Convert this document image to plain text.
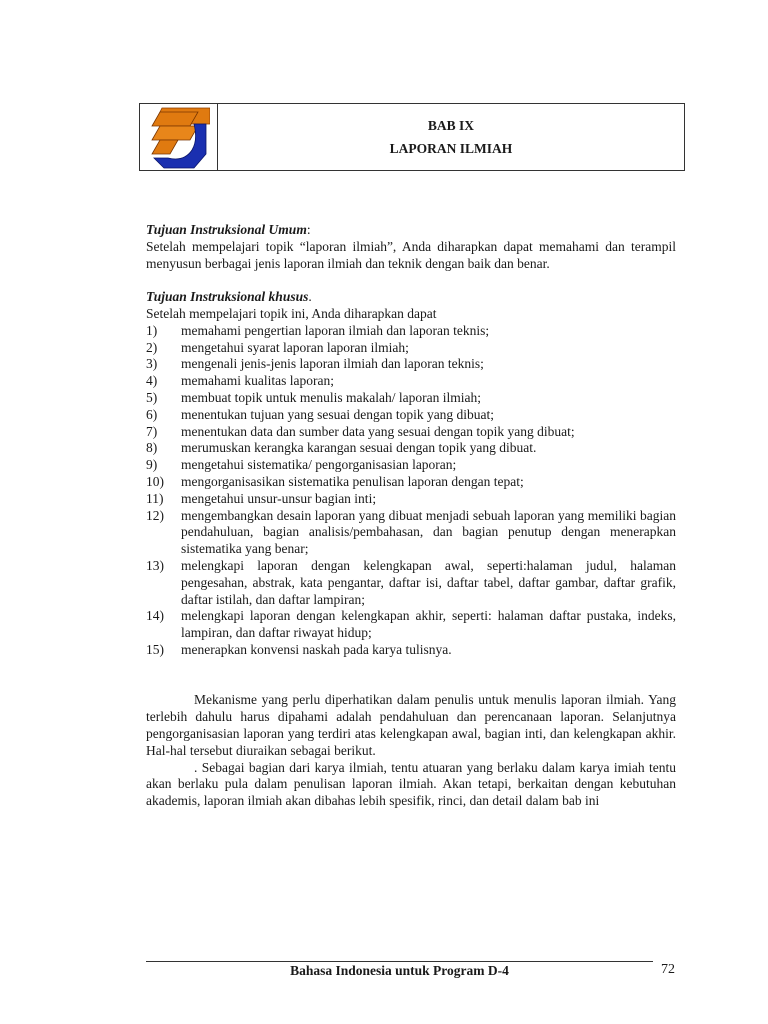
BAB IX
LAPORAN ILMIAH

Tujuan Instruksional Umum:

Setelah mempelajari topik “laporan ilmiah”, Anda diharapkan dapat memahami dan terampil menyusun berbagai jenis laporan ilmiah dan teknik dengan baik dan benar.

Tujuan Instruksional khusus.

Setelah mempelajari topik ini, Anda diharapkan dapat

1)	memahami pengertian laporan ilmiah dan laporan teknis;
2)	mengetahui syarat laporan laporan ilmiah;
3)	mengenali jenis-jenis laporan ilmiah dan laporan teknis;
4)	memahami kualitas laporan;
5)	membuat topik untuk menulis makalah/ laporan ilmiah;
6)	menentukan tujuan yang sesuai dengan topik yang dibuat;
7)	menentukan data dan sumber data yang sesuai dengan topik yang dibuat;
8)	merumuskan kerangka karangan sesuai dengan topik yang dibuat.
9)	mengetahui sistematika/ pengorganisasian laporan;
10)	mengorganisasikan sistematika penulisan laporan dengan tepat;
11)	mengetahui unsur-unsur bagian inti;
12)	mengembangkan desain laporan yang dibuat menjadi sebuah laporan yang memiliki bagian pendahuluan, bagian analisis/pembahasan, dan bagian penutup dengan menerapkan sistematika yang benar;
13)	melengkapi laporan dengan kelengkapan awal, seperti:halaman judul, halaman pengesahan, abstrak, kata pengantar, daftar isi, daftar tabel, daftar gambar, daftar grafik, daftar istilah, dan daftar lampiran;
14)	melengkapi laporan dengan kelengkapan akhir, seperti: halaman daftar pustaka, indeks, lampiran, dan daftar riwayat hidup;
15)	menerapkan konvensi naskah pada karya tulisnya.

Mekanisme yang perlu diperhatikan dalam penulis untuk menulis laporan ilmiah. Yang terlebih dahulu harus dipahami adalah pendahuluan dan perencanaan laporan. Selanjutnya pengorganisasian laporan yang terdiri atas kelengkapan awal, bagian inti, dan kelengkapan akhir. Hal-hal tersebut diuraikan sebagai berikut.

. Sebagai bagian dari karya ilmiah, tentu atuaran yang berlaku dalam karya imiah tentu akan berlaku pula dalam penulisan laporan ilmiah. Akan tetapi, berkaitan dengan kebutuhan akademis, laporan ilmiah akan dibahas lebih spesifik, rinci, dan detail dalam bab ini

Bahasa Indonesia untuk Program D-4	72
